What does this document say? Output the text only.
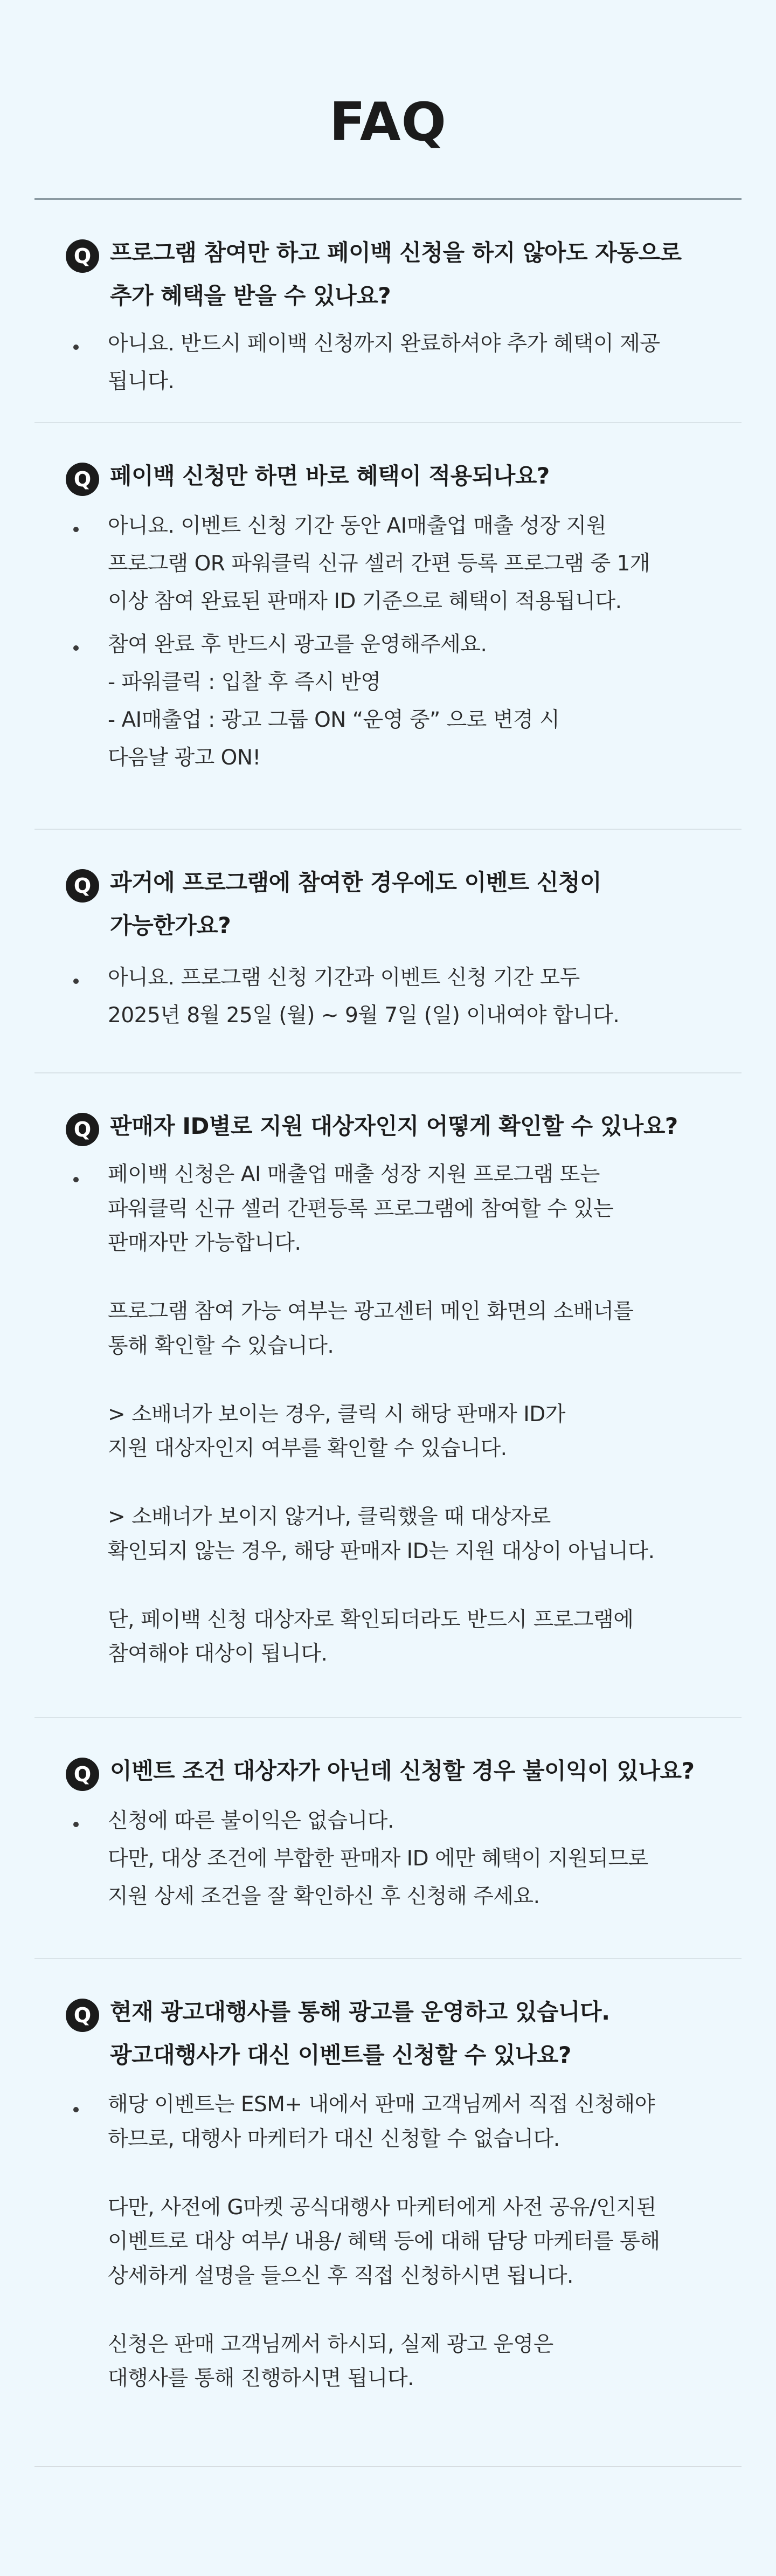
FAQ
Q 프로그램 참여만 하고 페이백 신청을 하지 않아도 자동으로
추가 혜택을 받을 수 있나요?
아니요. 반드시 페이백 신청까지 완료하셔야 추가 혜택이 제공
됩니다.
Q 페이백 신청만 하면 바로 혜택이 적용되나요?
아니요. 이벤트 신청 기간 동안 AI매출업 매출 성장 지원
프로그램 OR 파워클릭 신규 셀러 간편 등록 프로그램 중 1개
이상 참여 완료된 판매자 ID 기준으로 혜택이 적용됩니다.
참여 완료 후 반드시 광고를 운영해주세요.
- 파워클릭 : 입찰 후 즉시 반영
- AI매출업 : 광고 그룹 ON “운영 중” 으로 변경 시
다음날 광고 ON!
Q 과거에 프로그램에 참여한 경우에도 이벤트 신청이
가능한가요?
아니요. 프로그램 신청 기간과 이벤트 신청 기간 모두
2025년 8월 25일 (월) ~ 9월 7일 (일) 이내여야 합니다.
Q 판매자 ID별로 지원 대상자인지 어떻게 확인할 수 있나요?
페이백 신청은 AI 매출업 매출 성장 지원 프로그램 또는
파워클릭 신규 셀러 간편등록 프로그램에 참여할 수 있는
판매자만 가능합니다.

프로그램 참여 가능 여부는 광고센터 메인 화면의 소배너를
통해 확인할 수 있습니다.

> 소배너가 보이는 경우, 클릭 시 해당 판매자 ID가
지원 대상자인지 여부를 확인할 수 있습니다.

> 소배너가 보이지 않거나, 클릭했을 때 대상자로
확인되지 않는 경우, 해당 판매자 ID는 지원 대상이 아닙니다.

단, 페이백 신청 대상자로 확인되더라도 반드시 프로그램에
참여해야 대상이 됩니다.
Q 이벤트 조건 대상자가 아닌데 신청할 경우 불이익이 있나요?
신청에 따른 불이익은 없습니다.
다만, 대상 조건에 부합한 판매자 ID 에만 혜택이 지원되므로
지원 상세 조건을 잘 확인하신 후 신청해 주세요.
Q 현재 광고대행사를 통해 광고를 운영하고 있습니다.
광고대행사가 대신 이벤트를 신청할 수 있나요?
해당 이벤트는 ESM+ 내에서 판매 고객님께서 직접 신청해야
하므로, 대행사 마케터가 대신 신청할 수 없습니다.

다만, 사전에 G마켓 공식대행사 마케터에게 사전 공유/인지된
이벤트로 대상 여부/ 내용/ 혜택 등에 대해 담당 마케터를 통해
상세하게 설명을 들으신 후 직접 신청하시면 됩니다.

신청은 판매 고객님께서 하시되, 실제 광고 운영은
대행사를 통해 진행하시면 됩니다.
